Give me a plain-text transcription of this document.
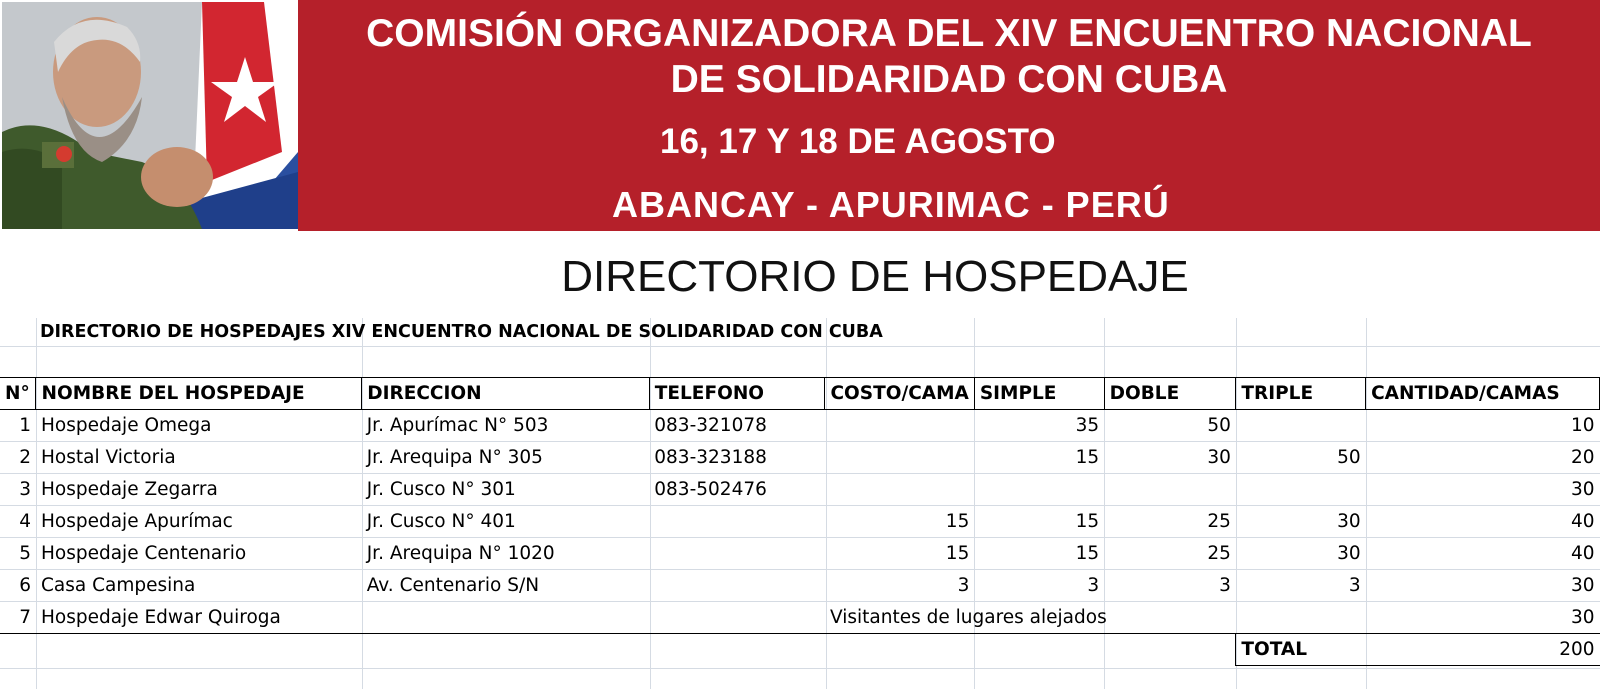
COMISIÓN ORGANIZADORA DEL XIV ENCUENTRO NACIONAL
DE SOLIDARIDAD CON CUBA
16, 17 Y 18 DE AGOSTO
ABANCAY - APURIMAC - PERÚ
DIRECTORIO DE HOSPEDAJE
DIRECTORIO DE HOSPEDAJES XIV ENCUENTRO NACIONAL DE SOLIDARIDAD CON CUBA
N°	NOMBRE DEL HOSPEDAJE	DIRECCION	TELEFONO	COSTO/CAMA	SIMPLE	DOBLE	TRIPLE	CANTIDAD/CAMAS
1	Hospedaje Omega	Jr. Apurímac N° 503	083-321078		35	50		10
2	Hostal Victoria	Jr. Arequipa N° 305	083-323188		15	30	50	20
3	Hospedaje Zegarra	Jr. Cusco N° 301	083-502476					30
4	Hospedaje Apurímac	Jr. Cusco N° 401		15	15	25	30	40
5	Hospedaje Centenario	Jr. Arequipa N° 1020		15	15	25	30	40
6	Casa Campesina	Av. Centenario S/N		3	3	3	3	30
7	Hospedaje Edwar Quiroga			Visitantes de lugares alejados				30
							TOTAL	200
